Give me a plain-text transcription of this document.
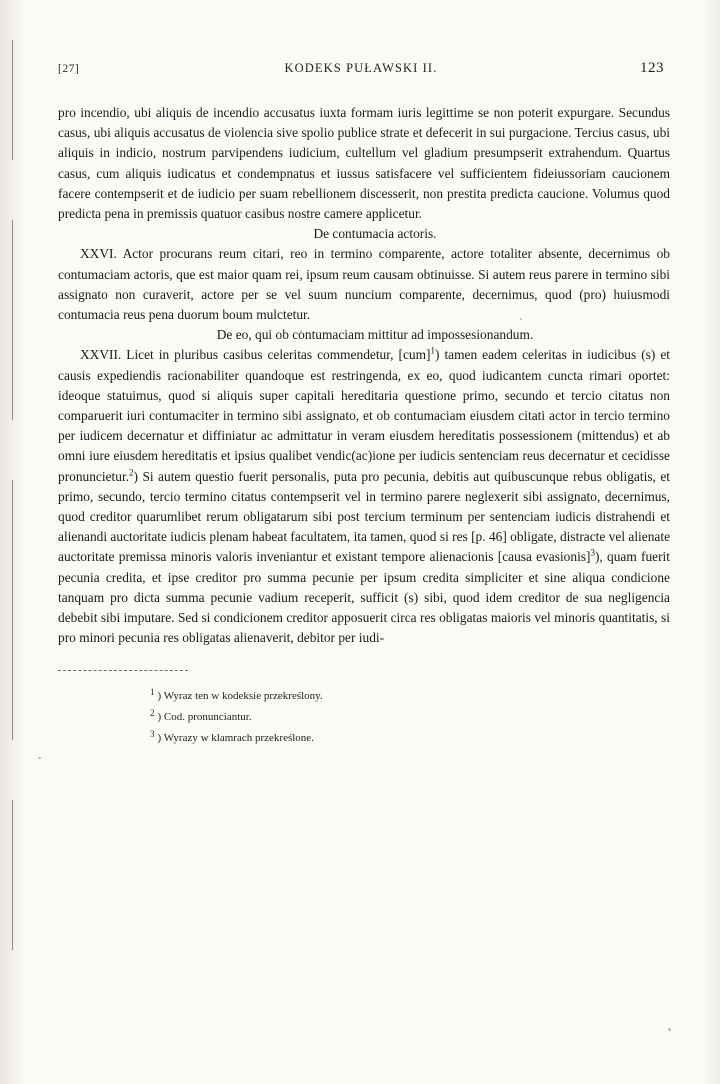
[27]	KODEKS PUŁAWSKI II.	123

pro incendio, ubi aliquis de incendio accusatus iuxta formam iuris legittime se non poterit expurgare. Secundus casus, ubi aliquis accusatus de violencia sive spolio publice strate et defecerit in sui purgacione. Tercius casus, ubi aliquis in indicio, nostrum parvipendens iudicium, cultellum vel gladium presumpserit extrahendum. Quartus casus, cum aliquis iudicatus et condempnatus et iussus satisfacere vel sufficientem fideiussoriam caucionem facere contempserit et de iudicio per suam rebellionem discesserit, non prestita predicta caucione. Volumus quod predicta pena in premissis quatuor casibus nostre camere applicetur.

De contumacia actoris.

XXVI. Actor procurans reum citari, reo in termino comparente, actore totaliter absente, decernimus ob contumaciam actoris, que est maior quam rei, ipsum reum causam obtinuisse. Si autem reus parere in termino sibi assignato non curaverit, actore per se vel suum nuncium comparente, decernimus, quod (pro) huiusmodi contumacia reus pena duorum boum mulctetur.

De eo, qui ob contumaciam mittitur ad impossesionandum.

XXVII. Licet in pluribus casibus celeritas commendetur, [cum]$^1$) tamen eadem celeritas in iudicibus (s) et causis expediendis racionabiliter quandoque est restringenda, ex eo, quod iudicantem cuncta rimari oportet: ideoque statuimus, quod si aliquis super capitali hereditaria questione primo, secundo et tercio citatus non comparuerit iuri contumaciter in termino sibi assignato, et ob contumaciam eiusdem citati actor in tercio termino per iudicem decernatur et diffiniatur ac admittatur in veram eiusdem hereditatis possessionem (mittendus) et ab omni iure eiusdem hereditatis et ipsius qualibet vendic(ac)ione per iudicis sentenciam reus decernatur et cecidisse pronuncietur.$^2$) Si autem questio fuerit personalis, puta pro pecunia, debitis aut quibuscunque rebus obligatis, et primo, secundo, tercio termino citatus contempserit vel in termino parere neglexerit sibi assignato, decernimus, quod creditor quarumlibet rerum obligatarum sibi post tercium terminum per sentenciam iudicis distrahendi et alienandi auctoritate iudicis plenam habeat facultatem, ita tamen, quod si res [p. 46] obligate, distracte vel alienate auctoritate premissa minoris valoris inveniantur et existant tempore alienacionis [causa evasionis]$^3$), quam fuerit pecunia credita, et ipse creditor pro summa pecunie per ipsum credita simpliciter et sine aliqua condicione tanquam pro dicta summa pecunie vadium receperit, sufficit (s) sibi, quod idem creditor de sua negligencia debebit sibi imputare. Sed si condicionem creditor apposuerit circa res obligatas maioris vel minoris quantitatis, si pro minori pecunia res obligatas alienaverit, debitor per iudi-

$^1$ ) Wyraz ten w kodeksie przekreślony.
$^2$ ) Cod. pronunciantur.
$^3$ ) Wyrazy w klamrach przekreślone.
